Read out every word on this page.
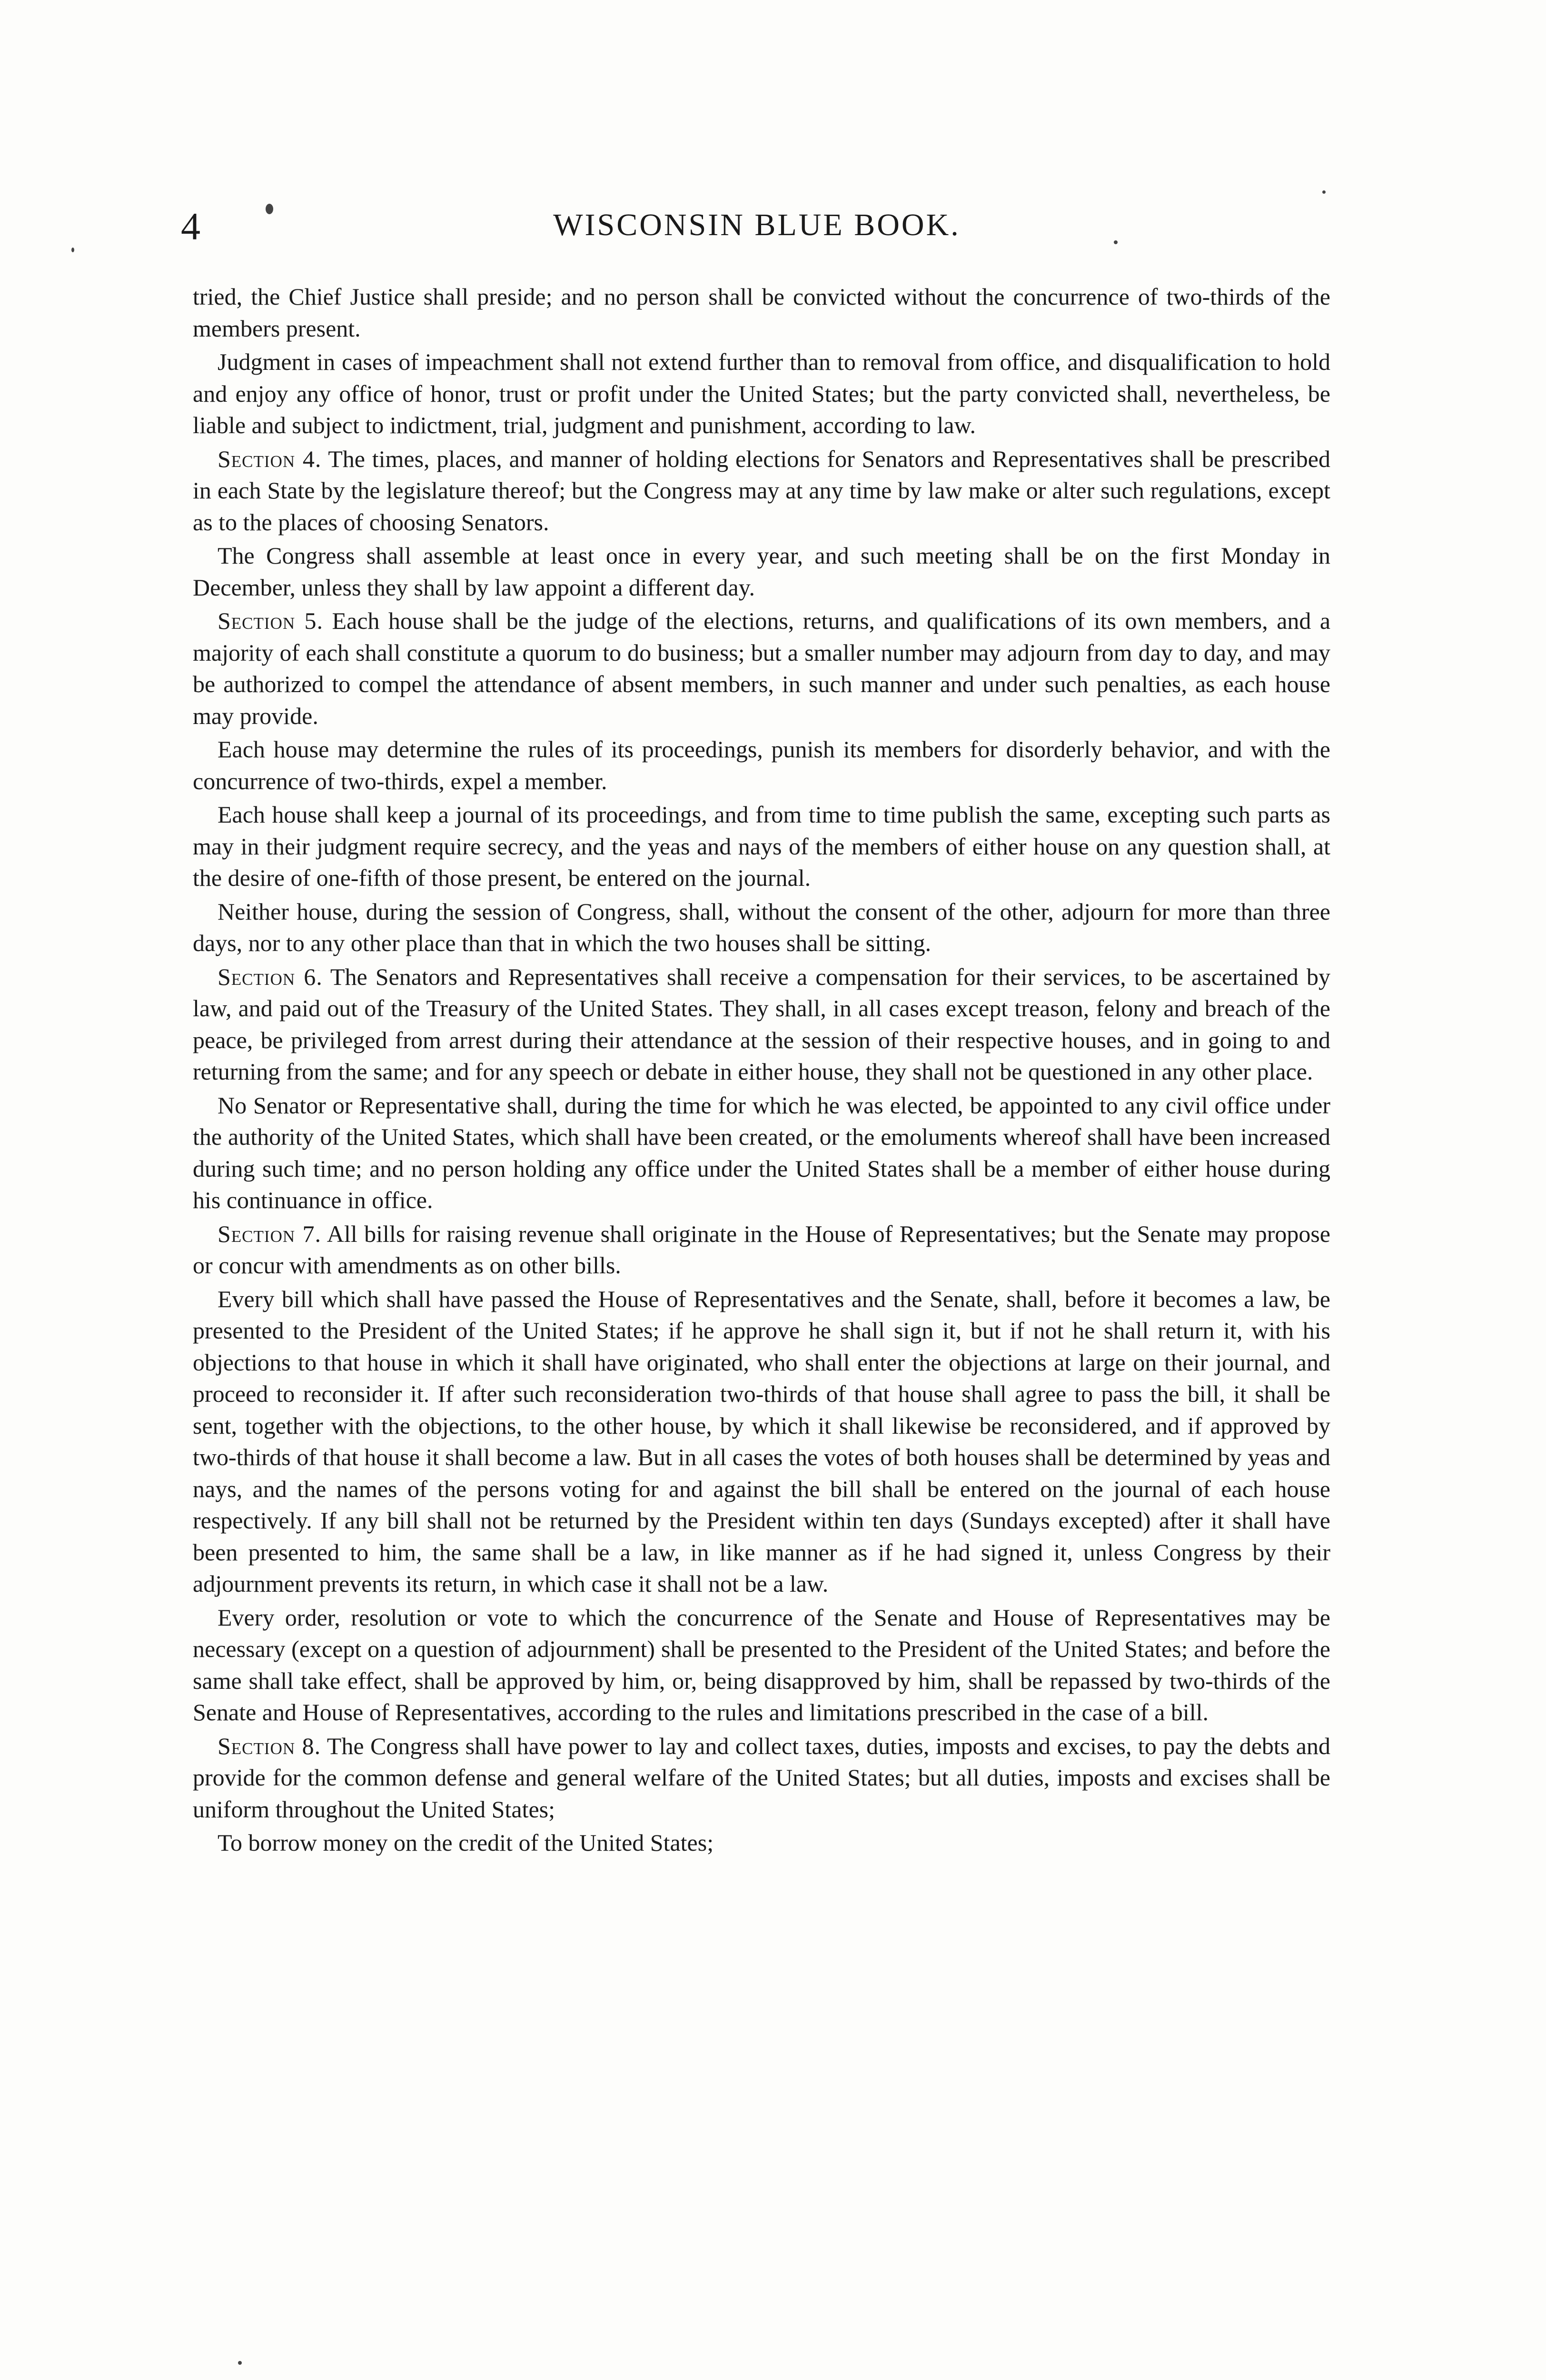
4	WISCONSIN BLUE BOOK.

tried, the Chief Justice shall preside; and no person shall be convicted without the concurrence of two-thirds of the members present.

Judgment in cases of impeachment shall not extend further than to removal from office, and disqualification to hold and enjoy any office of honor, trust or profit under the United States; but the party convicted shall, nevertheless, be liable and subject to indictment, trial, judgment and punishment, according to law.

Section 4. The times, places, and manner of holding elections for Senators and Representatives shall be prescribed in each State by the legislature thereof; but the Congress may at any time by law make or alter such regulations, except as to the places of choosing Senators.

The Congress shall assemble at least once in every year, and such meeting shall be on the first Monday in December, unless they shall by law appoint a different day.

Section 5. Each house shall be the judge of the elections, returns, and qualifications of its own members, and a majority of each shall constitute a quorum to do business; but a smaller number may adjourn from day to day, and may be authorized to compel the attendance of absent members, in such manner and under such penalties, as each house may provide.

Each house may determine the rules of its proceedings, punish its members for disorderly behavior, and with the concurrence of two-thirds, expel a member.

Each house shall keep a journal of its proceedings, and from time to time publish the same, excepting such parts as may in their judgment require secrecy, and the yeas and nays of the members of either house on any question shall, at the desire of one-fifth of those present, be entered on the journal.

Neither house, during the session of Congress, shall, without the consent of the other, adjourn for more than three days, nor to any other place than that in which the two houses shall be sitting.

Section 6. The Senators and Representatives shall receive a compensation for their services, to be ascertained by law, and paid out of the Treasury of the United States. They shall, in all cases except treason, felony and breach of the peace, be privileged from arrest during their attendance at the session of their respective houses, and in going to and returning from the same; and for any speech or debate in either house, they shall not be questioned in any other place.

No Senator or Representative shall, during the time for which he was elected, be appointed to any civil office under the authority of the United States, which shall have been created, or the emoluments whereof shall have been increased during such time; and no person holding any office under the United States shall be a member of either house during his continuance in office.

Section 7. All bills for raising revenue shall originate in the House of Representatives; but the Senate may propose or concur with amendments as on other bills.

Every bill which shall have passed the House of Representatives and the Senate, shall, before it becomes a law, be presented to the President of the United States; if he approve he shall sign it, but if not he shall return it, with his objections to that house in which it shall have originated, who shall enter the objections at large on their journal, and proceed to reconsider it. If after such reconsideration two-thirds of that house shall agree to pass the bill, it shall be sent, together with the objections, to the other house, by which it shall likewise be reconsidered, and if approved by two-thirds of that house it shall become a law. But in all cases the votes of both houses shall be determined by yeas and nays, and the names of the persons voting for and against the bill shall be entered on the journal of each house respectively. If any bill shall not be returned by the President within ten days (Sundays excepted) after it shall have been presented to him, the same shall be a law, in like manner as if he had signed it, unless Congress by their adjournment prevents its return, in which case it shall not be a law.

Every order, resolution or vote to which the concurrence of the Senate and House of Representatives may be necessary (except on a question of adjournment) shall be presented to the President of the United States; and before the same shall take effect, shall be approved by him, or, being disapproved by him, shall be repassed by two-thirds of the Senate and House of Representatives, according to the rules and limitations prescribed in the case of a bill.

Section 8. The Congress shall have power to lay and collect taxes, duties, imposts and excises, to pay the debts and provide for the common defense and general welfare of the United States; but all duties, imposts and excises shall be uniform throughout the United States;

To borrow money on the credit of the United States;
